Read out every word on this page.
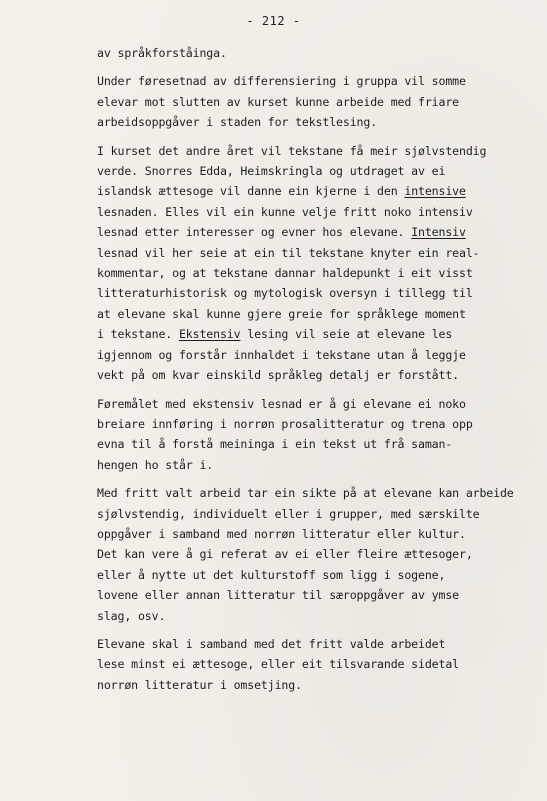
- 212 -
av språkforståinga.
Under føresetnad av differensiering i gruppa vil somme
elevar mot slutten av kurset kunne arbeide med friare
arbeidsoppgåver i staden for tekstlesing.
I kurset det andre året vil tekstane få meir sjølvstendig
verde. Snorres Edda, Heimskringla og utdraget av ei
islandsk ættesoge vil danne ein kjerne i den intensive
lesnaden. Elles vil ein kunne velje fritt noko intensiv
lesnad etter interesser og evner hos elevane. Intensiv
lesnad vil her seie at ein til tekstane knyter ein real-
kommentar, og at tekstane dannar haldepunkt i eit visst
litteraturhistorisk og mytologisk oversyn i tillegg til
at elevane skal kunne gjere greie for språklege moment
i tekstane. Ekstensiv lesing vil seie at elevane les
igjennom og forstår innhaldet i tekstane utan å leggje
vekt på om kvar einskild språkleg detalj er forstått.
Føremålet med ekstensiv lesnad er å gi elevane ei noko
breiare innføring i norrøn prosalitteratur og trena opp
evna til å forstå meininga i ein tekst ut frå saman-
hengen ho står i.
Med fritt valt arbeid tar ein sikte på at elevane kan arbeide
sjølvstendig, individuelt eller i grupper, med særskilte
oppgåver i samband med norrøn litteratur eller kultur.
Det kan vere å gi referat av ei eller fleire ættesoger,
eller å nytte ut det kulturstoff som ligg i sogene,
lovene eller annan litteratur til særoppgåver av ymse
slag, osv.
Elevane skal i samband med det fritt valde arbeidet
lese minst ei ættesoge, eller eit tilsvarande sidetal
norrøn litteratur i omsetjing.
